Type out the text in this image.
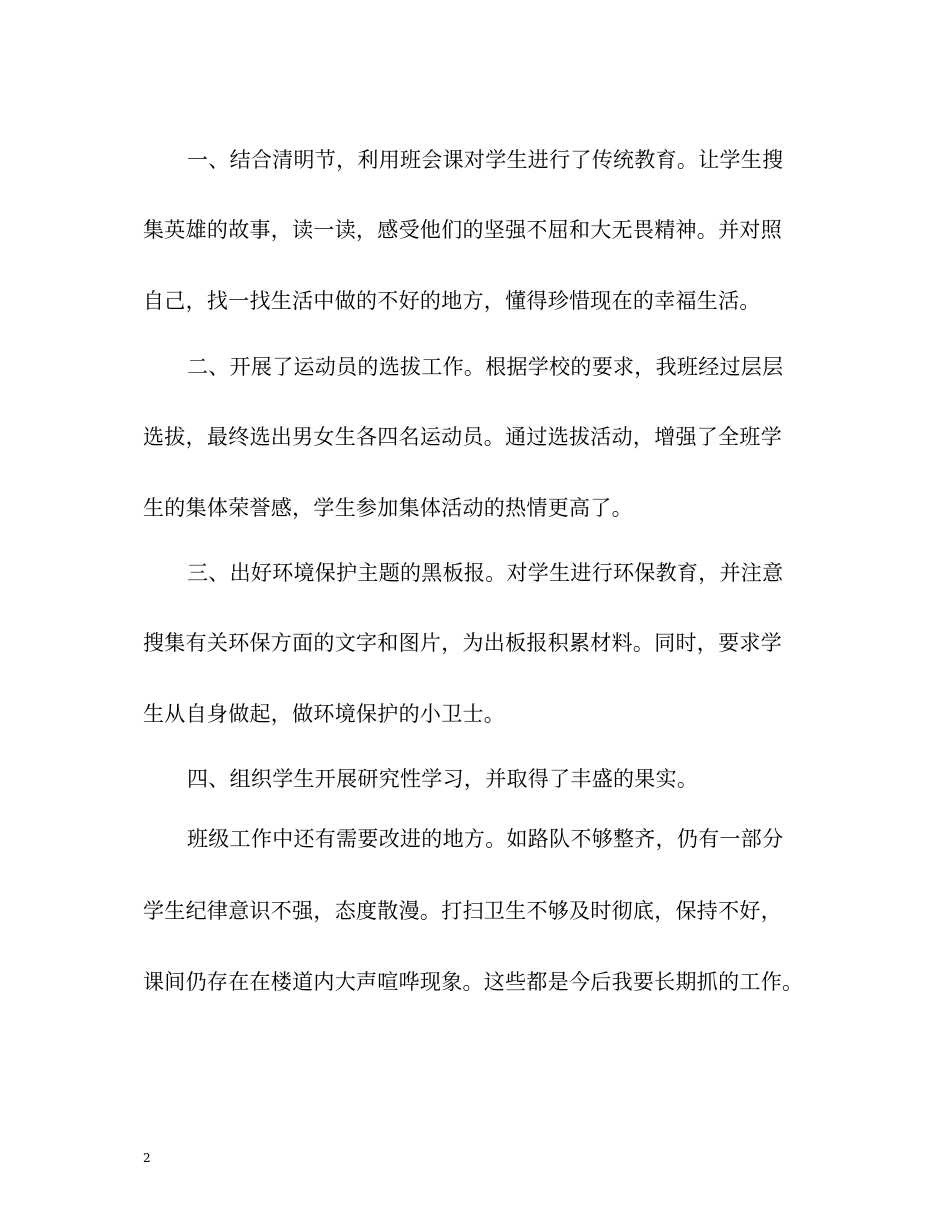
一、结合清明节，利用班会课对学生进行了传统教育。让学生搜
集英雄的故事，读一读，感受他们的坚强不屈和大无畏精神。并对照
自己，找一找生活中做的不好的地方，懂得珍惜现在的幸福生活。
二、开展了运动员的选拔工作。根据学校的要求，我班经过层层
选拔，最终选出男女生各四名运动员。通过选拔活动，增强了全班学
生的集体荣誉感，学生参加集体活动的热情更高了。
三、出好环境保护主题的黑板报。对学生进行环保教育，并注意
搜集有关环保方面的文字和图片，为出板报积累材料。同时，要求学
生从自身做起，做环境保护的小卫士。
四、组织学生开展研究性学习，并取得了丰盛的果实。
班级工作中还有需要改进的地方。如路队不够整齐，仍有一部分
学生纪律意识不强，态度散漫。打扫卫生不够及时彻底，保持不好，
课间仍存在在楼道内大声喧哗现象。这些都是今后我要长期抓的工作。
2
